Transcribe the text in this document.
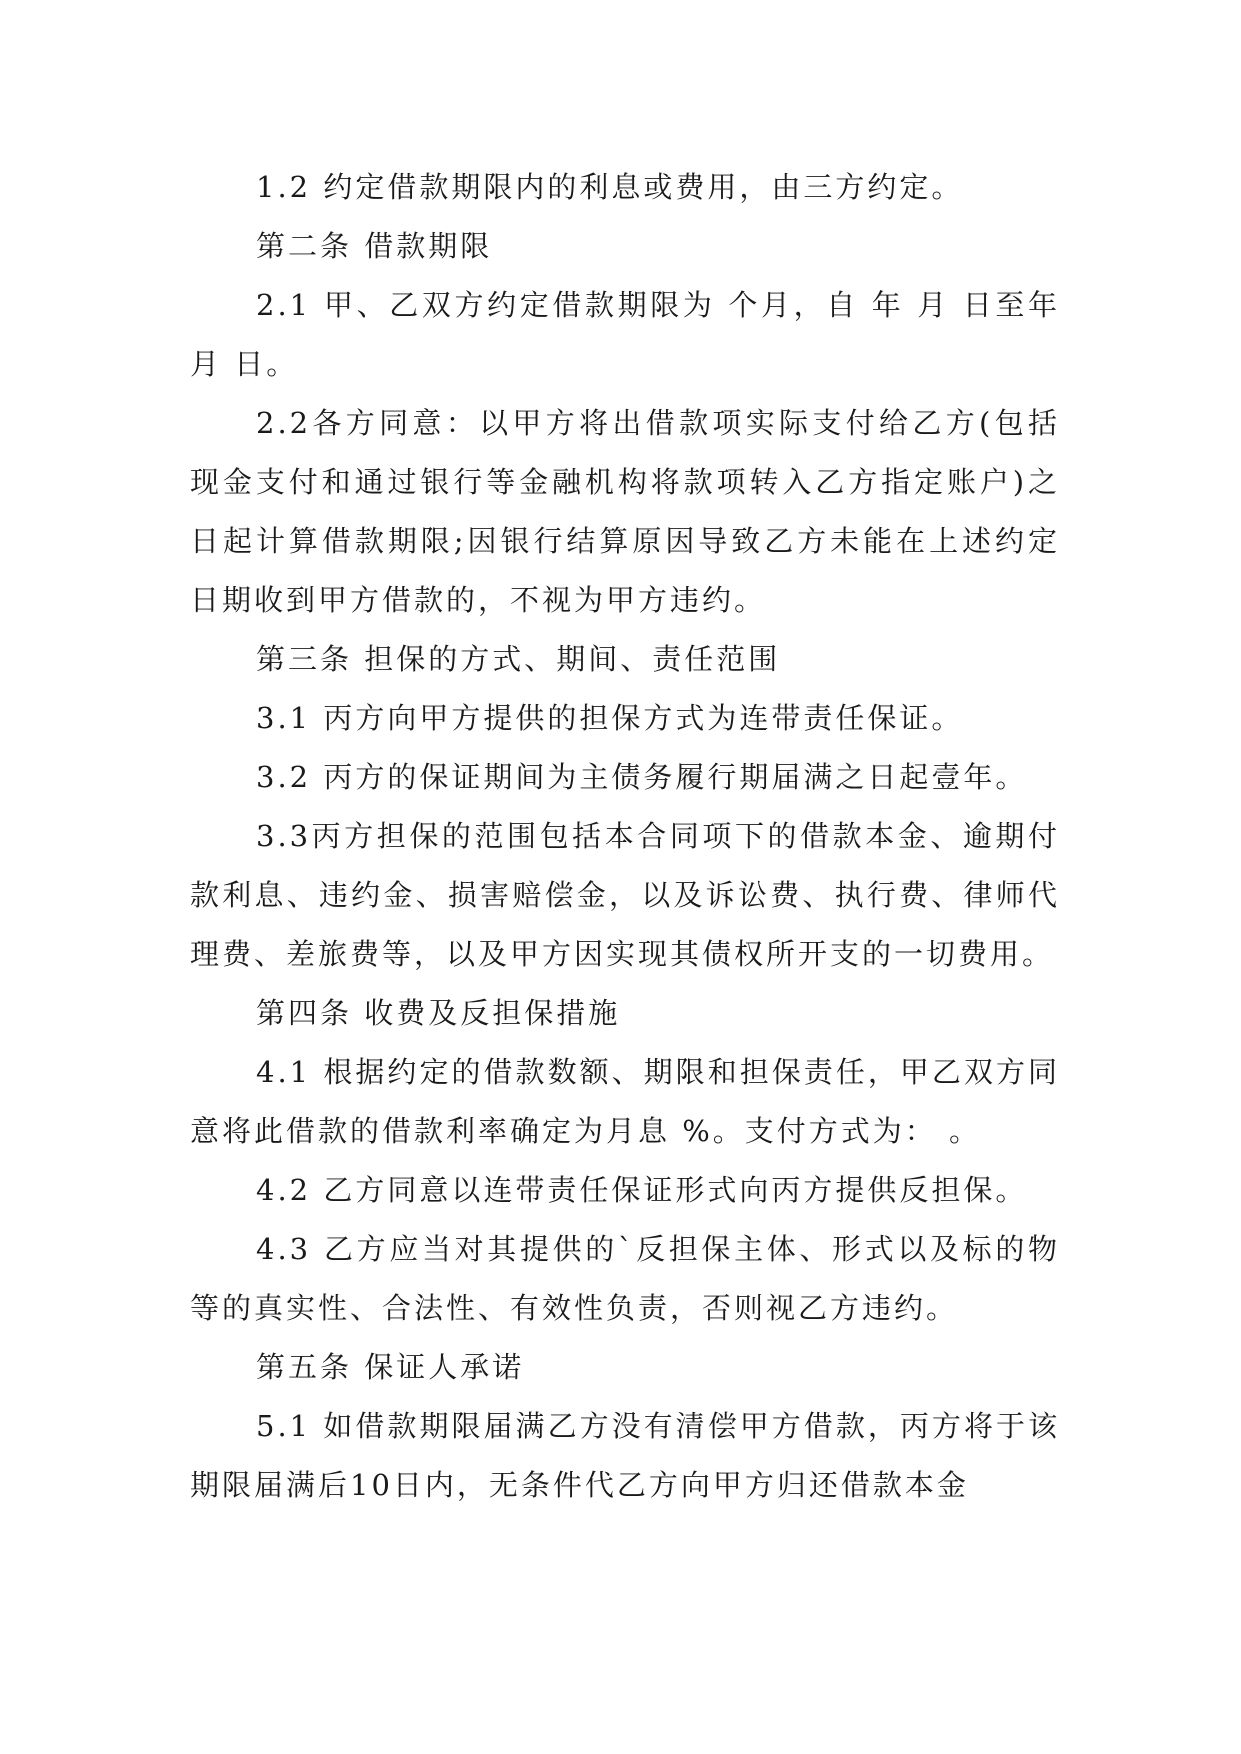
1.2 约定借款期限内的利息或费用，由三方约定。

第二条 借款期限

2.1 甲、乙双方约定借款期限为 个月，自 年 月 日至年 月 日。

2.2各方同意：以甲方将出借款项实际支付给乙方(包括现金支付和通过银行等金融机构将款项转入乙方指定账户)之日起计算借款期限;因银行结算原因导致乙方未能在上述约定日期收到甲方借款的，不视为甲方违约。

第三条 担保的方式、期间、责任范围

3.1 丙方向甲方提供的担保方式为连带责任保证。

3.2 丙方的保证期间为主债务履行期届满之日起壹年。

3.3丙方担保的范围包括本合同项下的借款本金、逾期付款利息、违约金、损害赔偿金，以及诉讼费、执行费、律师代理费、差旅费等，以及甲方因实现其债权所开支的一切费用。

第四条 收费及反担保措施

4.1 根据约定的借款数额、期限和担保责任，甲乙双方同意将此借款的借款利率确定为月息 %。支付方式为： 。

4.2 乙方同意以连带责任保证形式向丙方提供反担保。

4.3 乙方应当对其提供的`反担保主体、形式以及标的物等的真实性、合法性、有效性负责，否则视乙方违约。

第五条 保证人承诺

5.1 如借款期限届满乙方没有清偿甲方借款，丙方将于该期限届满后10日内，无条件代乙方向甲方归还借款本金
